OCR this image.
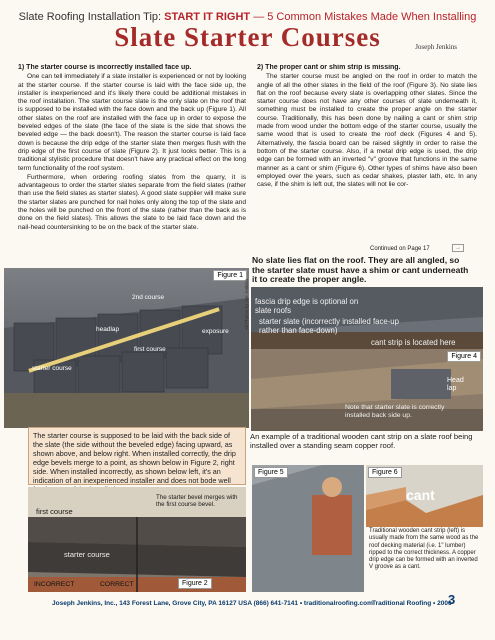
Slate Roofing Installation Tip: START IT RIGHT — 5 Common Mistakes Made When Installing
Slate Starter Courses	Joseph Jenkins
1) The starter course is incorrectly installed face up.

One can tell immediately if a slate installer is experienced or not by looking at the starter course. If the starter course is laid with the face side up, the installer is inexperienced and it's likely there could be additional mistakes in the roof installation. The starter course slate is the only slate on the roof that is supposed to be installed with the face down and the back up (Figure 1). All other slates on the roof are installed with the face up in order to expose the beveled edges of the slate (the face of the slate is the side that shows the beveled edge — the back doesn't). The reason the starter course is laid face down is because the drip edge of the starter slate then merges flush with the drip edge of the first course of slate (Figure 2). It just looks better. This is a traditional stylistic procedure that doesn't have any practical effect on the long term functionality of the roof system.

Furthermore, when ordering roofing slates from the quarry, it is advantageous to order the starter slates separate from the field slates (rather than use the field slates as starter slates). A good slate supplier will make sure the starter slates are punched for nail holes only along the top of the slate and the holes will be punched on the front of the slate (rather than the back as is done on the field slates). This allows the slate to be laid face down and the nail-head countersinking to be on the back of the starter slate.

2) The proper cant or shim strip is missing.

The starter course must be angled on the roof in order to match the angle of all the other slates in the field of the roof (Figure 3). No slate lies flat on the roof because every slate is overlapping other slates. Since the starter course does not have any other courses of slate underneath it, something must be installed to create the proper angle on the starter course. Traditionally, this has been done by nailing a cant or shim strip made from wood under the bottom edge of the starter course, usually the same wood that is used to create the roof deck (Figures 4 and 5). Alternatively, the fascia board can be raised slightly in order to raise the bottom of the starter course. Also, if a metal drip edge is used, the drip edge can be formed with an inverted "v" groove that functions in the same manner as a cant or shim (Figure 6). Other types of shims have also been employed over the years, such as cedar shakes, plaster lath, etc. In any case, if the shim is left out, the slates will not lie cor-

Continued on Page 17	→
Figure 1
2nd course
headlap	exposure
first course
starter course
All Photos by Joe Jenkins
No slate lies flat on the roof. They are all angled, so the starter slate must have a shim or cant underneath it to create the proper angle.
fascia drip edge is optional on slate roofs
starter slate (incorrectly installed face-up rather than face-down)
cant strip is located here
Figure 4
Head lap
Note that starter slate is correctly installed back side up.
An example of a traditional wooden cant strip on a slate roof being installed over a standing seam copper roof.
The starter course is supposed to be laid with the back side of the slate (the side without the beveled edge) facing upward, as shown above, and below right. When installed correctly, the drip edge bevels merge to a point, as shown below in Figure 2, right side. When installed incorrectly, as shown below left, it's an indication of an inexperienced installer and does not bode well
first course
The starter bevel merges with the first course bevel.
starter course
INCORRECT	CORRECT	Figure 2
Figure 5	Figure 6
cant
Traditional wooden cant strip (left) is usually made from the same wood as the roof decking material (i.e. 1" lumber) ripped to the correct thickness. A copper drip edge can be formed with an inverted V groove as a cant.
Joseph Jenkins, Inc., 143 Forest Lane, Grove City, PA 16127 USA (866) 641-7141 • traditionalroofing.com Traditional Roofing • 2006
3
